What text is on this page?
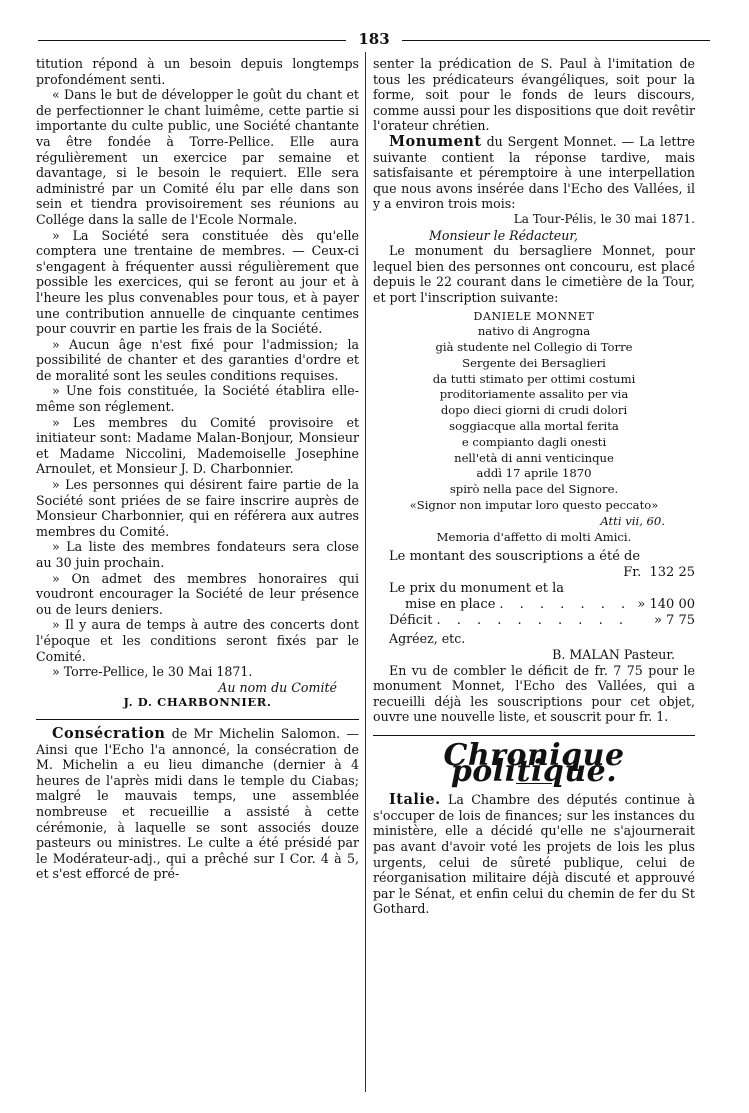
183

titution répond à un besoin depuis longtemps profondément senti.

« Dans le but de développer le goût du chant et de perfectionner le chant luimême, cette partie si importante du culte public, une Société chantante va être fondée à Torre-Pellice. Elle aura régulièrement un exercice par semaine et davantage, si le besoin le requiert. Elle sera administré par un Comité élu par elle dans son sein et tiendra provisoirement ses réunions au Collége dans la salle de l'Ecole Normale.

» La Société sera constituée dès qu'elle comptera une trentaine de membres. — Ceux-ci s'engagent à fréquenter aussi régulièrement que possible les exercices, qui se feront au jour et à l'heure les plus convenables pour tous, et à payer une contribution annuelle de cinquante centimes pour couvrir en partie les frais de la Société.

» Aucun âge n'est fixé pour l'admission; la possibilité de chanter et des garanties d'ordre et de moralité sont les seules conditions requises.

» Une fois constituée, la Société établira elle-même son réglement.

» Les membres du Comité provisoire et initiateur sont: Madame Malan-Bonjour, Monsieur et Madame Niccolini, Mademoiselle Josephine Arnoulet, et Monsieur J. D. Charbonnier.

» Les personnes qui désirent faire partie de la Société sont priées de se faire inscrire auprès de Monsieur Charbonnier, qui en référera aux autres membres du Comité.

» La liste des membres fondateurs sera close au 30 juin prochain.

» On admet des membres honoraires qui voudront encourager la Société de leur présence ou de leurs deniers.

» Il y aura de temps à autre des concerts dont l'époque et les conditions seront fixés par le Comité.

» Torre-Pellice, le 30 Mai 1871.

Au nom du Comité

J. D. CHARBONNIER.

Consécration de Mr Michelin Salomon. — Ainsi que l'Echo l'a annoncé, la consécration de M. Michelin a eu lieu dimanche (dernier à 4 heures de l'après midi dans le temple du Ciabas; malgré le mauvais temps, une assemblée nombreuse et recueillie a assisté à cette cérémonie, à laquelle se sont associés douze pasteurs ou ministres. Le culte a été présidé par le Modérateur-adj., qui a prêché sur I Cor. 4 à 5, et s'est efforcé de pré-

senter la prédication de S. Paul à l'imitation de tous les prédicateurs évangéliques, soit pour la forme, soit pour le fonds de leurs discours, comme aussi pour les dispositions que doit revêtir l'orateur chrétien.

Monument du Sergent Monnet. — La lettre suivante contient la réponse tardive, mais satisfaisante et péremptoire à une interpellation que nous avons insérée dans l'Echo des Vallées, il y a environ trois mois:

La Tour-Pélis, le 30 mai 1871.

Monsieur le Rédacteur,

Le monument du bersagliere Monnet, pour lequel bien des personnes ont concouru, est placé depuis le 22 courant dans le cimetière de la Tour, et port l'inscription suivante:

DANIELE MONNET
nativo di Angrogna
già studente nel Collegio di Torre
Sergente dei Bersaglieri
da tutti stimato per ottimi costumi
proditoriamente assalito per via
dopo dieci giorni di crudi dolori
soggiacque alla mortal ferita
e compianto dagli onesti
nell'età di anni venticinque
addì 17 aprile 1870
spirò nella pace del Signore.
«Signor non imputar loro questo peccato»
Atti vii, 60.
Memoria d'affetto di molti Amici.

Le montant des souscriptions a été de

Fr. 132 25

Le prix du monument et la

mise en place . . . . . . . » 140 00
Déficit . . . . . . . . . .	» 7 75

Agréez, etc.

B. MALAN Pasteur.

En vu de combler le déficit de fr. 7 75 pour le monument Monnet, l'Echo des Vallées, qui a recueilli déjà les souscriptions pour cet objet, ouvre une nouvelle liste, et souscrit pour fr. 1.

Chronique politique.

Italie. La Chambre des députés continue à s'occuper de lois de finances; sur les instances du ministère, elle a décidé qu'elle ne s'ajournerait pas avant d'avoir voté les projets de lois les plus urgents, celui de sûreté publique, celui de réorganisation militaire déjà discuté et approuvé par le Sénat, et enfin celui du chemin de fer du St Gothard.
